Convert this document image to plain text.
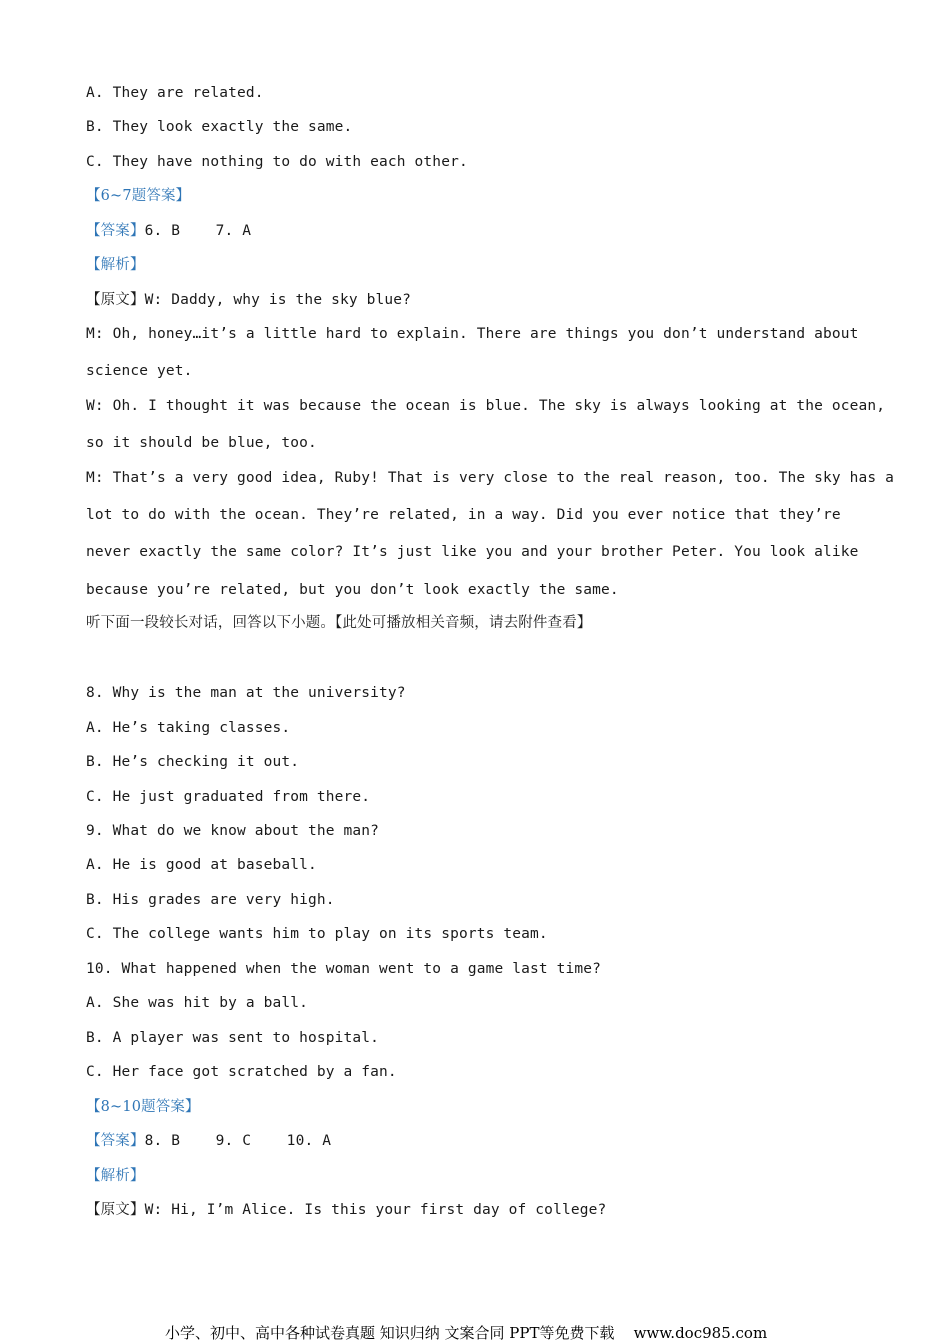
A. They are related.
B. They look exactly the same.
C. They have nothing to do with each other.
【6~7题答案】
【答案】6. B    7. A
【解析】
【原文】W: Daddy, why is the sky blue?
M: Oh, honey…it’s a little hard to explain. There are things you don’t understand about
science yet.
W: Oh. I thought it was because the ocean is blue. The sky is always looking at the ocean,
so it should be blue, too.
M: That’s a very good idea, Ruby! That is very close to the real reason, too. The sky has a
lot to do with the ocean. They’re related, in a way. Did you ever notice that they’re
never exactly the same color? It’s just like you and your brother Peter. You look alike
because you’re related, but you don’t look exactly the same.
听下面一段较长对话，回答以下小题。【此处可播放相关音频，请去附件查看】
8. Why is the man at the university?
A. He’s taking classes.
B. He’s checking it out.
C. He just graduated from there.
9. What do we know about the man?
A. He is good at baseball.
B. His grades are very high.
C. The college wants him to play on its sports team.
10. What happened when the woman went to a game last time?
A. She was hit by a ball.
B. A player was sent to hospital.
C. Her face got scratched by a fan.
【8~10题答案】
【答案】8. B    9. C    10. A
【解析】
【原文】W: Hi, I’m Alice. Is this your first day of college?
小学、初中、高中各种试卷真题 知识归纳 文案合同 PPT等免费下载    www.doc985.com
